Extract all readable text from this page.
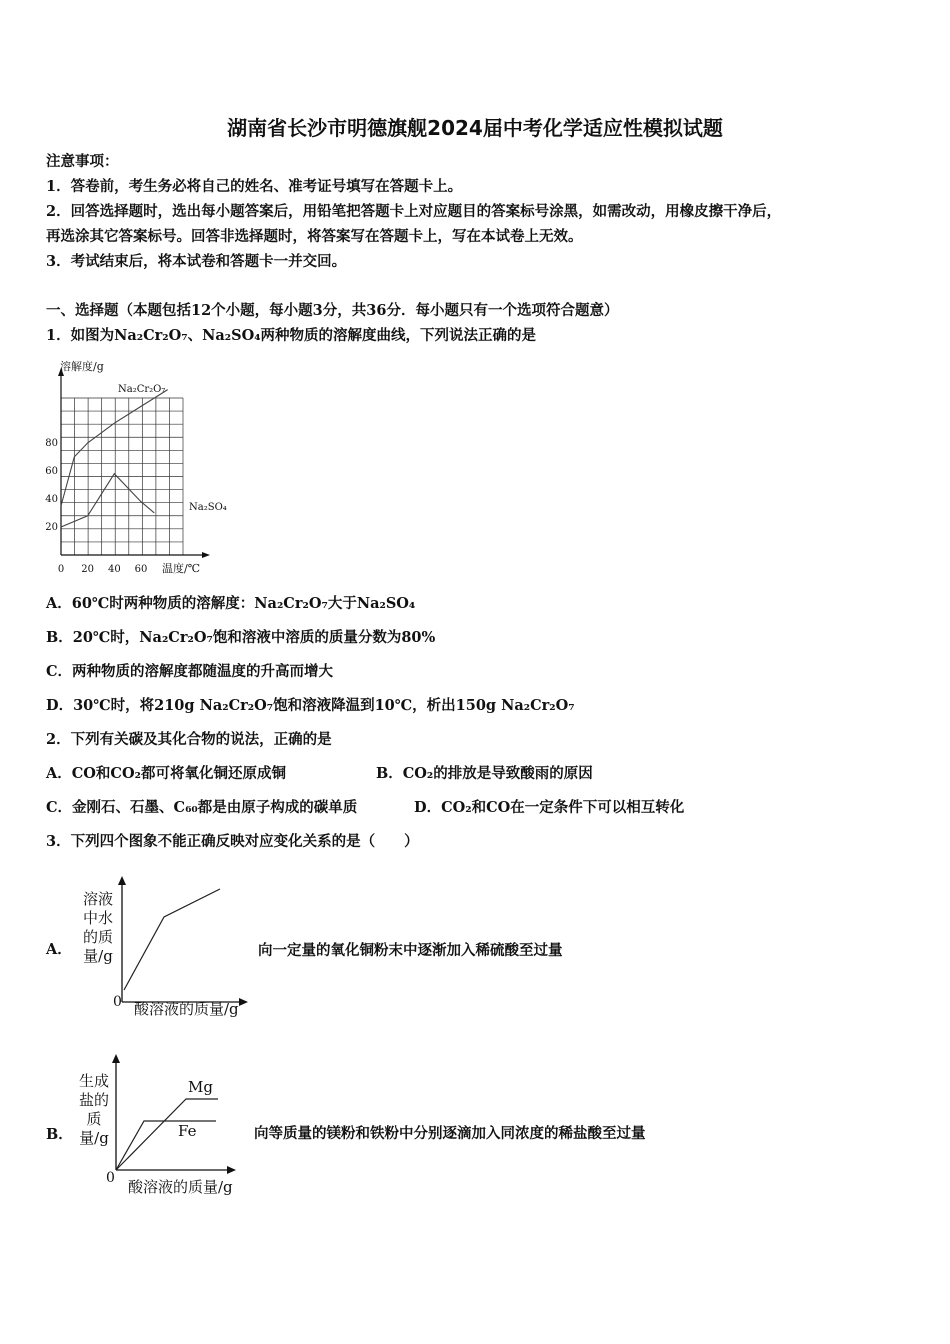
湖南省长沙市明德旗舰2024届中考化学适应性模拟试题
注意事项：
1．答卷前，考生务必将自己的姓名、准考证号填写在答题卡上。
2．回答选择题时，选出每小题答案后，用铅笔把答题卡上对应题目的答案标号涂黑，如需改动，用橡皮擦干净后，
再选涂其它答案标号。回答非选择题时，将答案写在答题卡上，写在本试卷上无效。
3．考试结束后，将本试卷和答题卡一并交回。
一、选择题（本题包括12个小题，每小题3分，共36分．每小题只有一个选项符合题意）
1．如图为Na₂Cr₂O₇、Na₂SO₄两种物质的溶解度曲线，下列说法正确的是
溶解度/g
温度/℃
0 20 40 60
20
40
60
80
Na₂Cr₂O₇
Na₂SO₄
A．60℃时两种物质的溶解度：Na₂Cr₂O₇大于Na₂SO₄
B．20℃时，Na₂Cr₂O₇饱和溶液中溶质的质量分数为80%
C．两种物质的溶解度都随温度的升高而增大
D．30℃时，将210g Na₂Cr₂O₇饱和溶液降温到10℃，析出150g Na₂Cr₂O₇
2．下列有关碳及其化合物的说法，正确的是
A．CO和CO₂都可将氧化铜还原成铜	B．CO₂的排放是导致酸雨的原因
C．金刚石、石墨、C₆₀都是由原子构成的碳单质	D．CO₂和CO在一定条件下可以相互转化
3．下列四个图象不能正确反映对应变化关系的是（　　）
A．
溶液中水的质量/g
0 酸溶液的质量/g
向一定量的氧化铜粉末中逐渐加入稀硫酸至过量
B．
生成盐的质量/g
Mg
Fe
0 酸溶液的质量/g
向等质量的镁粉和铁粉中分别逐滴加入同浓度的稀盐酸至过量
